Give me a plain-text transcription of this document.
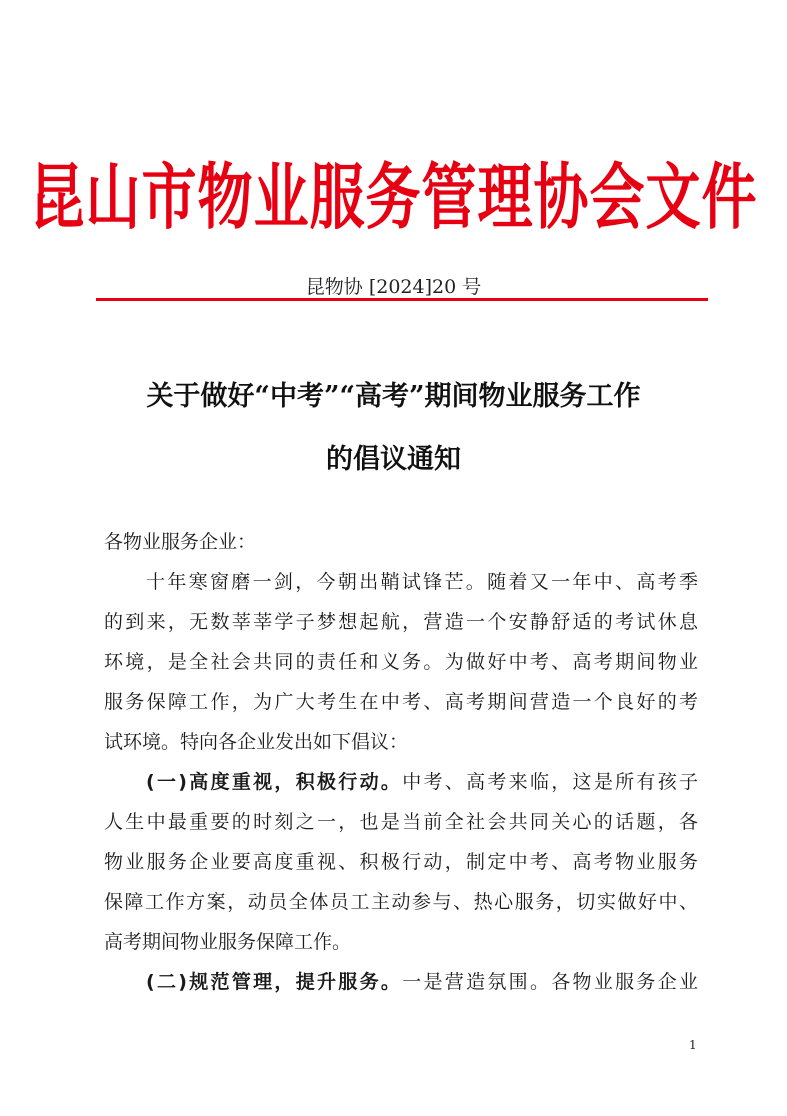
昆山市物业服务管理协会文件
昆物协 [2024]20 号
关于做好“中考”“高考”期间物业服务工作
的倡议通知
各物业服务企业：
十年寒窗磨一剑，今朝出鞘试锋芒。随着又一年中、高考季
的到来，无数莘莘学子梦想起航，营造一个安静舒适的考试休息
环境，是全社会共同的责任和义务。为做好中考、高考期间物业
服务保障工作，为广大考生在中考、高考期间营造一个良好的考
试环境。特向各企业发出如下倡议：
(一)高度重视，积极行动。中考、高考来临，这是所有孩子
人生中最重要的时刻之一，也是当前全社会共同关心的话题，各
物业服务企业要高度重视、积极行动，制定中考、高考物业服务
保障工作方案，动员全体员工主动参与、热心服务，切实做好中、
高考期间物业服务保障工作。
(二)规范管理，提升服务。一是营造氛围。各物业服务企业
1
